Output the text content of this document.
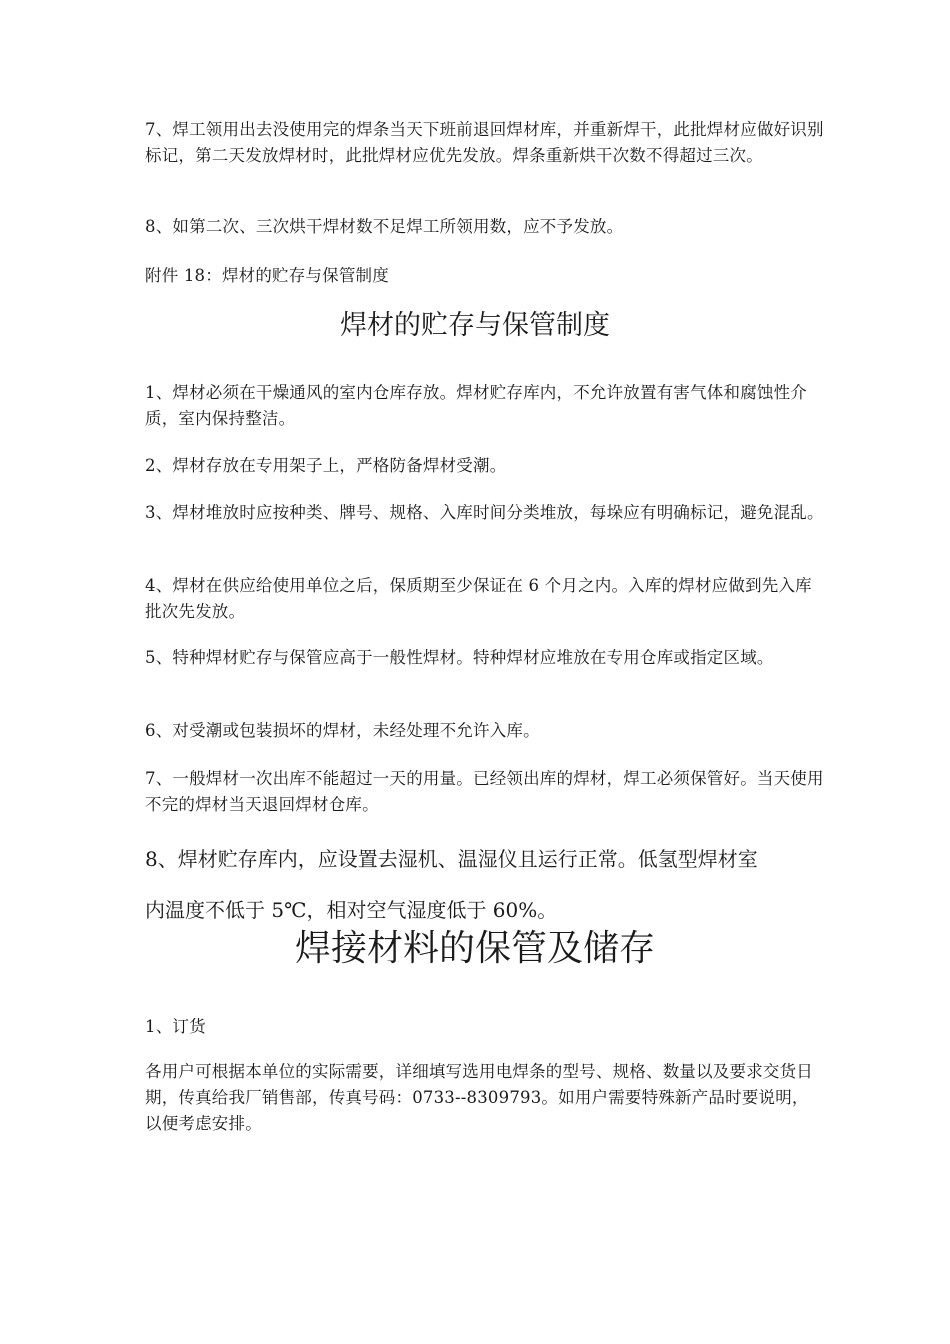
7、焊工领用出去没使用完的焊条当天下班前退回焊材库，并重新焊干，此批焊材应做好识别标记，第二天发放焊材时，此批焊材应优先发放。焊条重新烘干次数不得超过三次。

8、如第二次、三次烘干焊材数不足焊工所领用数，应不予发放。

附件 18：焊材的贮存与保管制度

焊材的贮存与保管制度

1、焊材必须在干燥通风的室内仓库存放。焊材贮存库内，不允许放置有害气体和腐蚀性介质，室内保持整洁。

2、焊材存放在专用架子上，严格防备焊材受潮。

3、焊材堆放时应按种类、牌号、规格、入库时间分类堆放，每垛应有明确标记，避免混乱。

4、焊材在供应给使用单位之后，保质期至少保证在 6 个月之内。入库的焊材应做到先入库批次先发放。

5、特种焊材贮存与保管应高于一般性焊材。特种焊材应堆放在专用仓库或指定区域。

6、对受潮或包装损坏的焊材，未经处理不允许入库。

7、一般焊材一次出库不能超过一天的用量。已经领出库的焊材，焊工必须保管好。当天使用不完的焊材当天退回焊材仓库。

8、焊材贮存库内，应设置去湿机、温湿仪且运行正常。低氢型焊材室

内温度不低于 5℃，相对空气湿度低于 60%。

焊接材料的保管及储存

1、订货

各用户可根据本单位的实际需要，详细填写选用电焊条的型号、规格、数量以及要求交货日期，传真给我厂销售部，传真号码：0733--8309793。如用户需要特殊新产品时要说明，以便考虑安排。
